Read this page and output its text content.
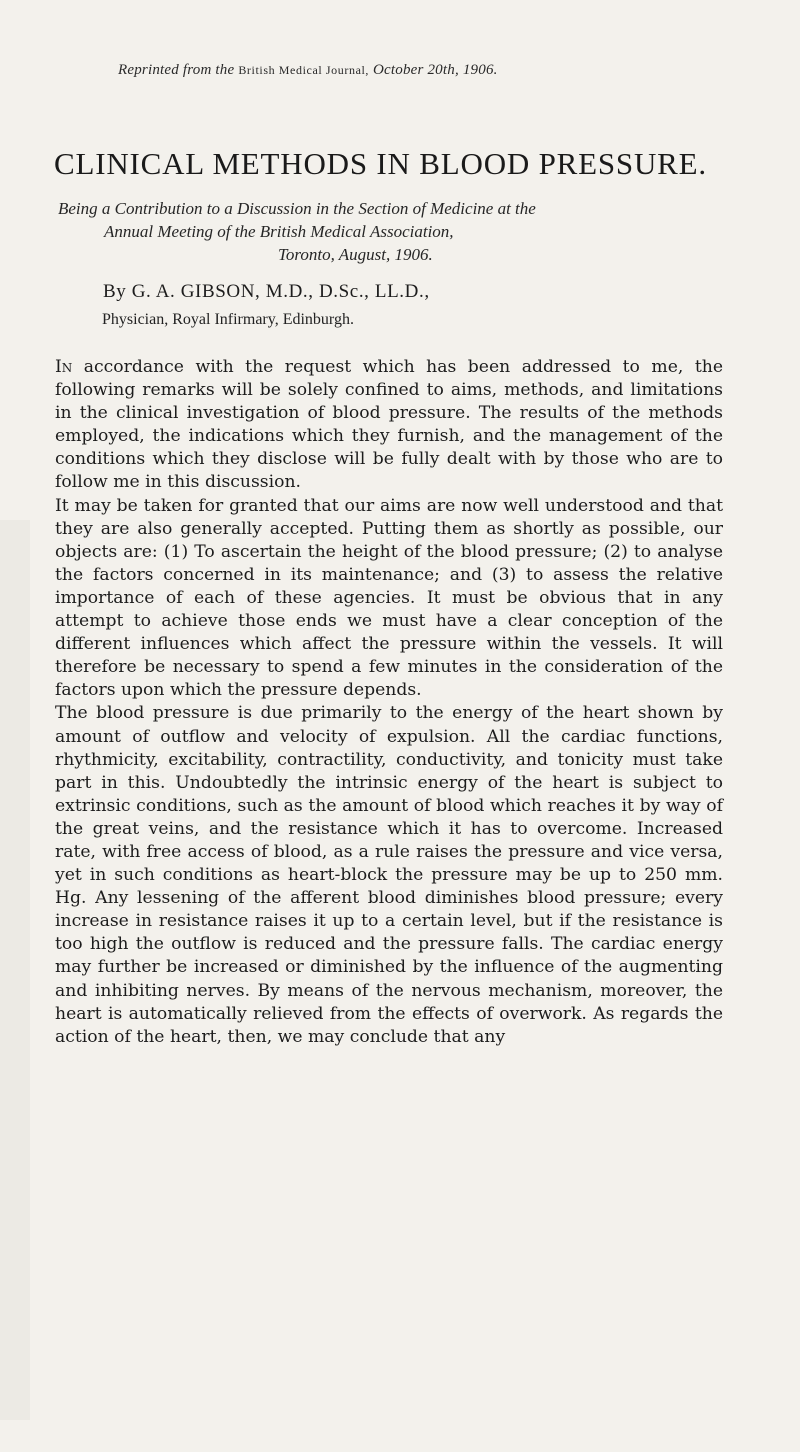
Reprinted from the British Medical Journal, October 20th, 1906.
CLINICAL METHODS IN BLOOD PRESSURE.
Being a Contribution to a Discussion in the Section of Medicine at the
Annual Meeting of the British Medical Association,
Toronto, August, 1906.
By G. A. GIBSON, M.D., D.Sc., LL.D.,
Physician, Royal Infirmary, Edinburgh.

In accordance with the request which has been addressed to me, the following remarks will be solely confined to aims, methods, and limitations in the clinical investigation of blood pressure. The results of the methods employed, the indications which they furnish, and the management of the conditions which they disclose will be fully dealt with by those who are to follow me in this discussion.

It may be taken for granted that our aims are now well understood and that they are also generally accepted. Putting them as shortly as possible, our objects are: (1) To ascertain the height of the blood pressure; (2) to analyse the factors concerned in its maintenance; and (3) to assess the relative importance of each of these agencies. It must be obvious that in any attempt to achieve those ends we must have a clear conception of the different influences which affect the pressure within the vessels. It will therefore be necessary to spend a few minutes in the consideration of the factors upon which the pressure depends.

The blood pressure is due primarily to the energy of the heart shown by amount of outflow and velocity of expulsion. All the cardiac functions, rhythmicity, excitability, contractility, conductivity, and tonicity must take part in this. Undoubtedly the intrinsic energy of the heart is subject to extrinsic conditions, such as the amount of blood which reaches it by way of the great veins, and the resistance which it has to overcome. Increased rate, with free access of blood, as a rule raises the pressure and vice versa, yet in such conditions as heart-block the pressure may be up to 250 mm. Hg. Any lessening of the afferent blood diminishes blood pressure; every increase in resistance raises it up to a certain level, but if the resistance is too high the outflow is reduced and the pressure falls. The cardiac energy may further be increased or diminished by the influence of the augmenting and inhibiting nerves. By means of the nervous mechanism, moreover, the heart is automatically relieved from the effects of overwork. As regards the action of the heart, then, we may conclude that any
